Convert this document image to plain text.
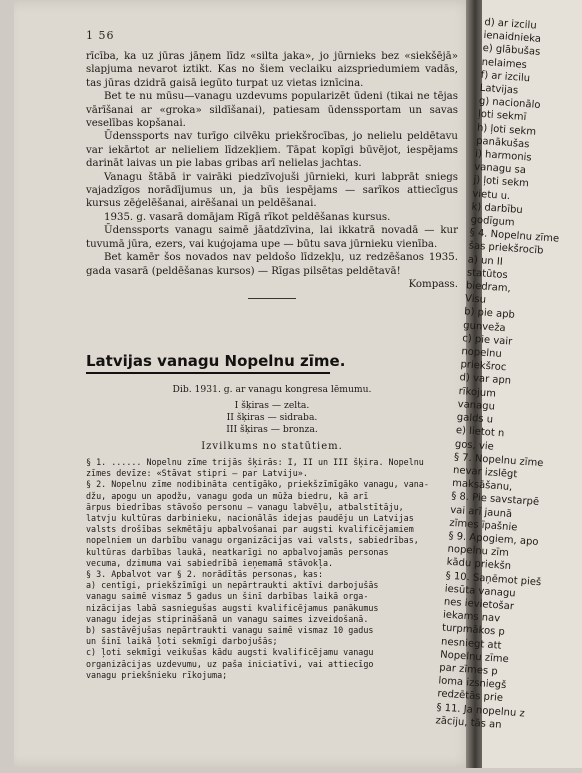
1 56

rīcība, ka uz jūras jāņem līdz «silta jaka», jo jūrnieks bez «siekšējā» slapjuma nevarot iztikt. Kas no šiem veclaiku aizspriedumiem vadās, tas jūras dzidrā gaisā iegūto turpat uz vietas iznīcina.

Bet te nu mūsu—vanagu uzdevums popularizēt ūdeni (tikai ne tējas vārīšanai ar «groka» sildīšanai), patiesam ūdenssportam un savas veselības kopšanai.

Ūdenssports nav turīgo cilvēku priekšrocības, jo nelielu peldētavu var iekārtot ar nelieliem līdzekļiem. Tāpat kopīgi būvējot, iespējams darināt laivas un pie labas gribas arī nelielas jachtas.

Vanagu štābā ir vairāki piedzīvojuši jūrnieki, kuri labprāt sniegs vajadzīgos norādījumus un, ja būs iespējams — sarīkos attiecīgus kursus zēģelēšanai, airēšanai un peldēšanai.

1935. g. vasarā domājam Rīgā rīkot peldēšanas kursus.

Ūdenssports vanagu saimē jāatdzīvina, lai ikkatrā novadā — kur tuvumā jūra, ezers, vai kuģojama upe — būtu sava jūrnieku vienība.

Bet kamēr šos novados nav peldošo līdzekļu, uz redzēšanos 1935. gada vasarā (peldēšanas kursos) — Rīgas pilsētas peldētavā!

Kompass.

Latvijas vanagu Nopelnu zīme.

Dib. 1931. g. ar vanagu kongresa lēmumu.

I šķiras — zelta.

II šķiras — sidraba.

III šķiras — bronza.

Izvilkums no statūtiem.

§ 1. ...... Nopelnu zīme trijās šķirās: I, II un III šķira. Nopelnu
zīmes devīze: «Stāvat stipri — par Latviju».
§ 2. Nopelnu zīme nodibināta centīgāko, priekšzīmīgāko vanagu, vana-
džu, apogu un apodžu, vanagu goda un mūža biedru, kā arī
ārpus biedrības stāvošo personu — vanagu labvēļu, atbalstītāju,
latvju kultūras darbinieku, nacionālās idejas paudēju un Latvijas
valsts drošības sekmētāju apbalvošanai par augsti kvalificējamiem
nopelniem un darbību vanagu organizācijas vai valsts, sabiedrības,
kultūras darbības laukā, neatkarīgi no apbalvojamās personas
vecuma, dzimuma vai sabiedrībā ieņemamā stāvokļa.
§ 3. Apbalvot var § 2. norādītās personas, kas:
a) centīgi, priekšzīmīgi un nepārtraukti aktīvi darbojušās
vanagu saimē vismaz 5 gadus un šinī darbības laikā orga-
nizācijas labā sasniegušas augsti kvalificējamus panākumus
vanagu idejas stiprināšanā un vanagu saimes izveidošanā.
b) sastāvējušas nepārtraukti vanagu saimē vismaz 10 gadus
un šinī laikā ļoti sekmīgi darbojušās;
c) ļoti sekmīgi veikušas kādu augsti kvalificējamu vanagu
organizācijas uzdevumu, uz paša iniciatīvi, vai attiecīgo
vanagu priekšnieku rīkojuma;

d) ar izcilu

ienaidnieka

e) glābušas

nelaimes

f) ar izcilu

Latvijas

g) nacionālo

ļoti sekmī

h) ļoti sekm

panākušas

i) harmonis

vanagu sa

j) ļoti sekm

vietu u.

k) darbību

godīgum

§ 4. Nopelnu zīme

šas priekšrocīb

a) un II

statūtos

biedram,

Visu

b) pie apb

gunveža

c) pie vair

nopelnu

priekšroc

d) var apn

rīkojum

vanagu

galds u

e) lietot n

gos, vie

§ 7. Nopelnu zīme

nevar izslēgt

maksāšanu,

§ 8. Pie savstarpē

vai arī jaunā

zīmes īpašnie

§ 9. Apogiem, apo

nopelnu zīm

kādu priekšn

§ 10. Saņēmot pieš

iesūta vanagu

nes ievietošar

iekams nav

turpmākos p

nesniegt att

Nopelnu zīme

par zīmes p

loma izsniegš

redzētās prie

§ 11. Ja nopelnu z

zāciju, tās an
